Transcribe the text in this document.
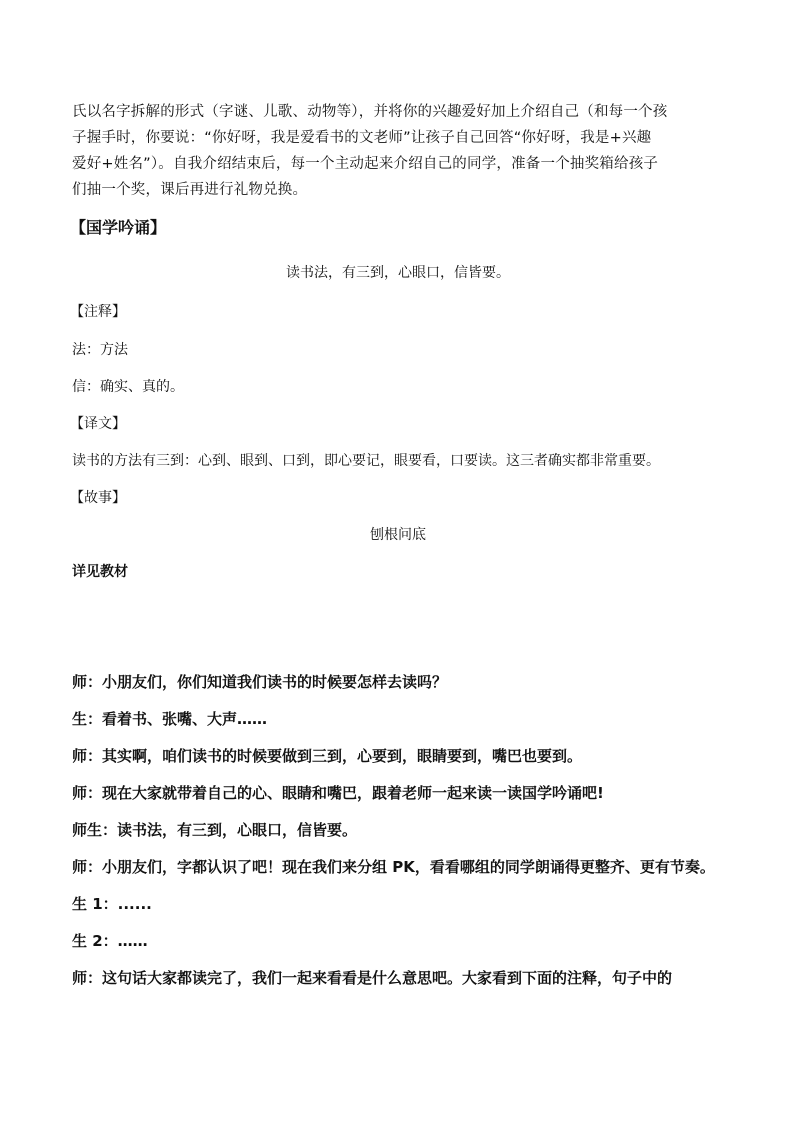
氏以名字拆解的形式（字谜、儿歌、动物等），并将你的兴趣爱好加上介绍自己（和每一个孩

子握手时，你要说：“你好呀，我是爱看书的文老师”让孩子自己回答“你好呀，我是+兴趣

爱好+姓名”）。自我介绍结束后，每一个主动起来介绍自己的同学，准备一个抽奖箱给孩子

们抽一个奖，课后再进行礼物兑换。

【国学吟诵】
读书法，有三到，心眼口，信皆要。
【注释】
法：方法
信：确实、真的。
【译文】
读书的方法有三到：心到、眼到、口到，即心要记，眼要看，口要读。这三者确实都非常重要。
【故事】
刨根问底
详见教材

师：小朋友们，你们知道我们读书的时候要怎样去读吗？

生：看着书、张嘴、大声……

师：其实啊，咱们读书的时候要做到三到，心要到，眼睛要到，嘴巴也要到。

师：现在大家就带着自己的心、眼睛和嘴巴，跟着老师一起来读一读国学吟诵吧!

师生：读书法，有三到，心眼口，信皆要。

师：小朋友们，字都认识了吧！现在我们来分组 PK，看看哪组的同学朗诵得更整齐、更有节奏。

生 1：......

生 2：……

师：这句话大家都读完了，我们一起来看看是什么意思吧。大家看到下面的注释，句子中的
